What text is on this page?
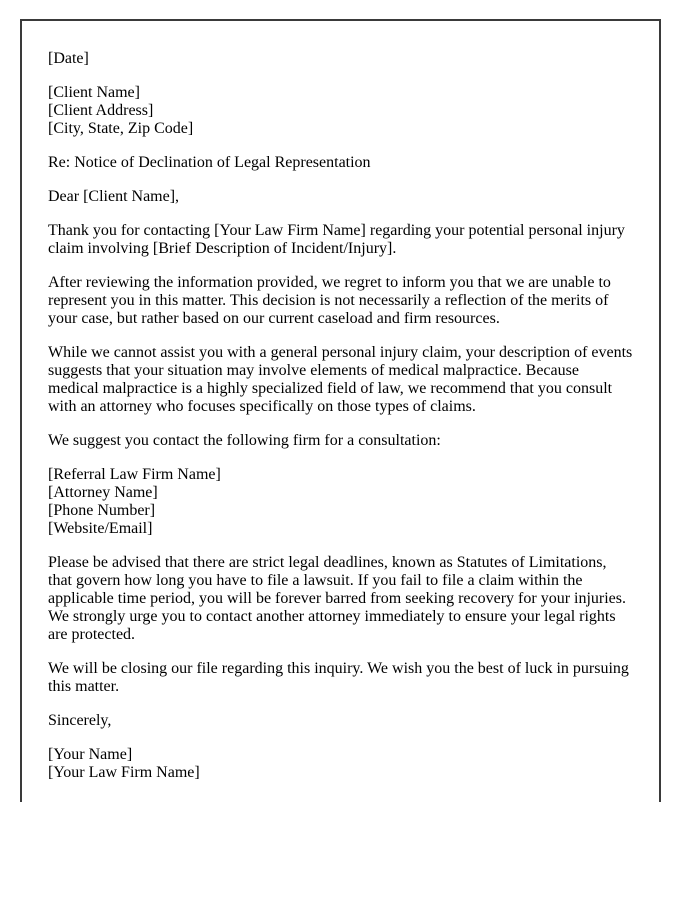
[Date]

[Client Name]

[Client Address]

[City, State, Zip Code]

Re: Notice of Declination of Legal Representation

Dear [Client Name],

Thank you for contacting [Your Law Firm Name] regarding your potential personal injury claim involving [Brief Description of Incident/Injury].

After reviewing the information provided, we regret to inform you that we are unable to represent you in this matter. This decision is not necessarily a reflection of the merits of your case, but rather based on our current caseload and firm resources.

While we cannot assist you with a general personal injury claim, your description of events suggests that your situation may involve elements of medical malpractice. Because medical malpractice is a highly specialized field of law, we recommend that you consult with an attorney who focuses specifically on those types of claims.

We suggest you contact the following firm for a consultation:

[Referral Law Firm Name]

[Attorney Name]

[Phone Number]

[Website/Email]

Please be advised that there are strict legal deadlines, known as Statutes of Limitations, that govern how long you have to file a lawsuit. If you fail to file a claim within the applicable time period, you will be forever barred from seeking recovery for your injuries. We strongly urge you to contact another attorney immediately to ensure your legal rights are protected.

We will be closing our file regarding this inquiry. We wish you the best of luck in pursuing this matter.

Sincerely,

[Your Name]

[Your Law Firm Name]
